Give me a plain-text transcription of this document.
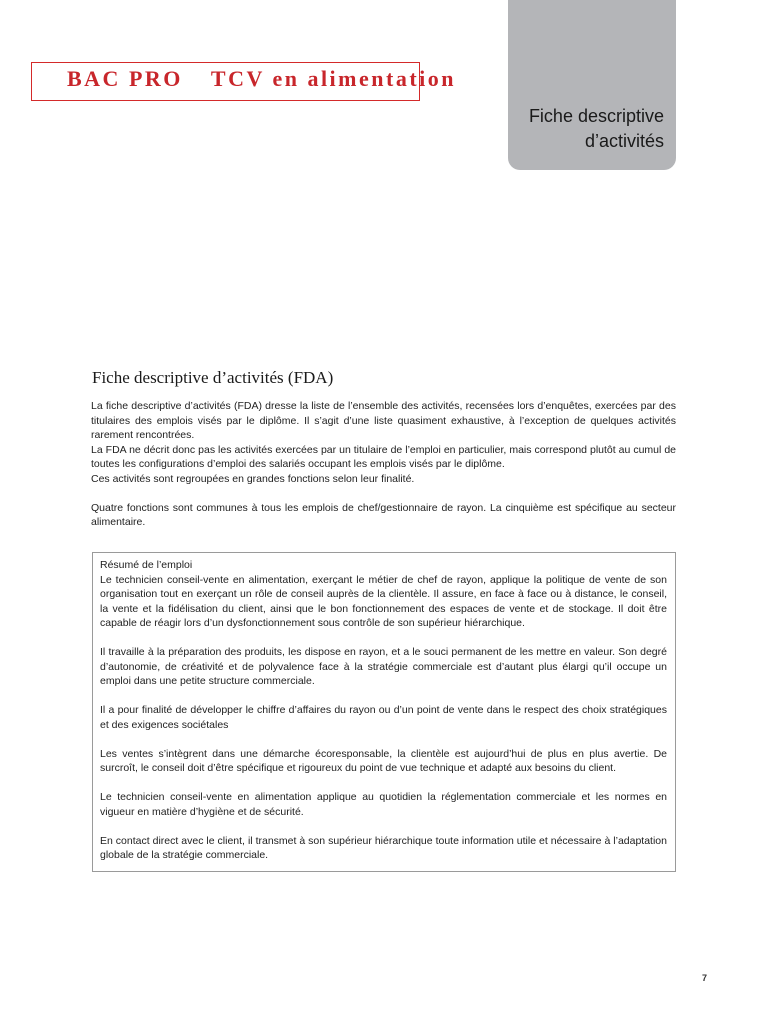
BAC PRO TCV en alimentation
Fiche descriptive
d’activités
Fiche descriptive d’activités (FDA)

La fiche descriptive d’activités (FDA) dresse la liste de l’ensemble des activités, recensées lors d’enquêtes, exercées par des titulaires des emplois visés par le diplôme. Il s’agit d’une liste quasiment exhaustive, à l’exception de quelques activités rarement rencontrées.

La FDA ne décrit donc pas les activités exercées par un titulaire de l’emploi en particulier, mais correspond plutôt au cumul de toutes les configurations d’emploi des salariés occupant les emplois visés par le diplôme.

Ces activités sont regroupées en grandes fonctions selon leur finalité.

Quatre fonctions sont communes à tous les emplois de chef/gestionnaire de rayon. La cinquième est spécifique au secteur alimentaire.

Résumé de l’emploi

Le technicien conseil-vente en alimentation, exerçant le métier de chef de rayon, applique la politique de vente de son organisation tout en exerçant un rôle de conseil auprès de la clientèle. Il assure, en face à face ou à distance, le conseil, la vente et la fidélisation du client, ainsi que le bon fonctionnement des espaces de vente et de stockage. Il doit être capable de réagir lors d’un dysfonctionnement sous contrôle de son supérieur hiérarchique.

Il travaille à la préparation des produits, les dispose en rayon, et a le souci permanent de les mettre en valeur. Son degré d’autonomie, de créativité et de polyvalence face à la stratégie commerciale est d’autant plus élargi qu’il occupe un emploi dans une petite structure commerciale.

Il a pour finalité de développer le chiffre d’affaires du rayon ou d’un point de vente dans le respect des choix stratégiques et des exigences sociétales

Les ventes s’intègrent dans une démarche écoresponsable, la clientèle est aujourd’hui de plus en plus avertie. De surcroît, le conseil doit d’être spécifique et rigoureux du point de vue technique et adapté aux besoins du client.

Le technicien conseil-vente en alimentation applique au quotidien la réglementation commerciale et les normes en vigueur en matière d’hygiène et de sécurité.

En contact direct avec le client, il transmet à son supérieur hiérarchique toute information utile et nécessaire à l’adaptation globale de la stratégie commerciale.

7
